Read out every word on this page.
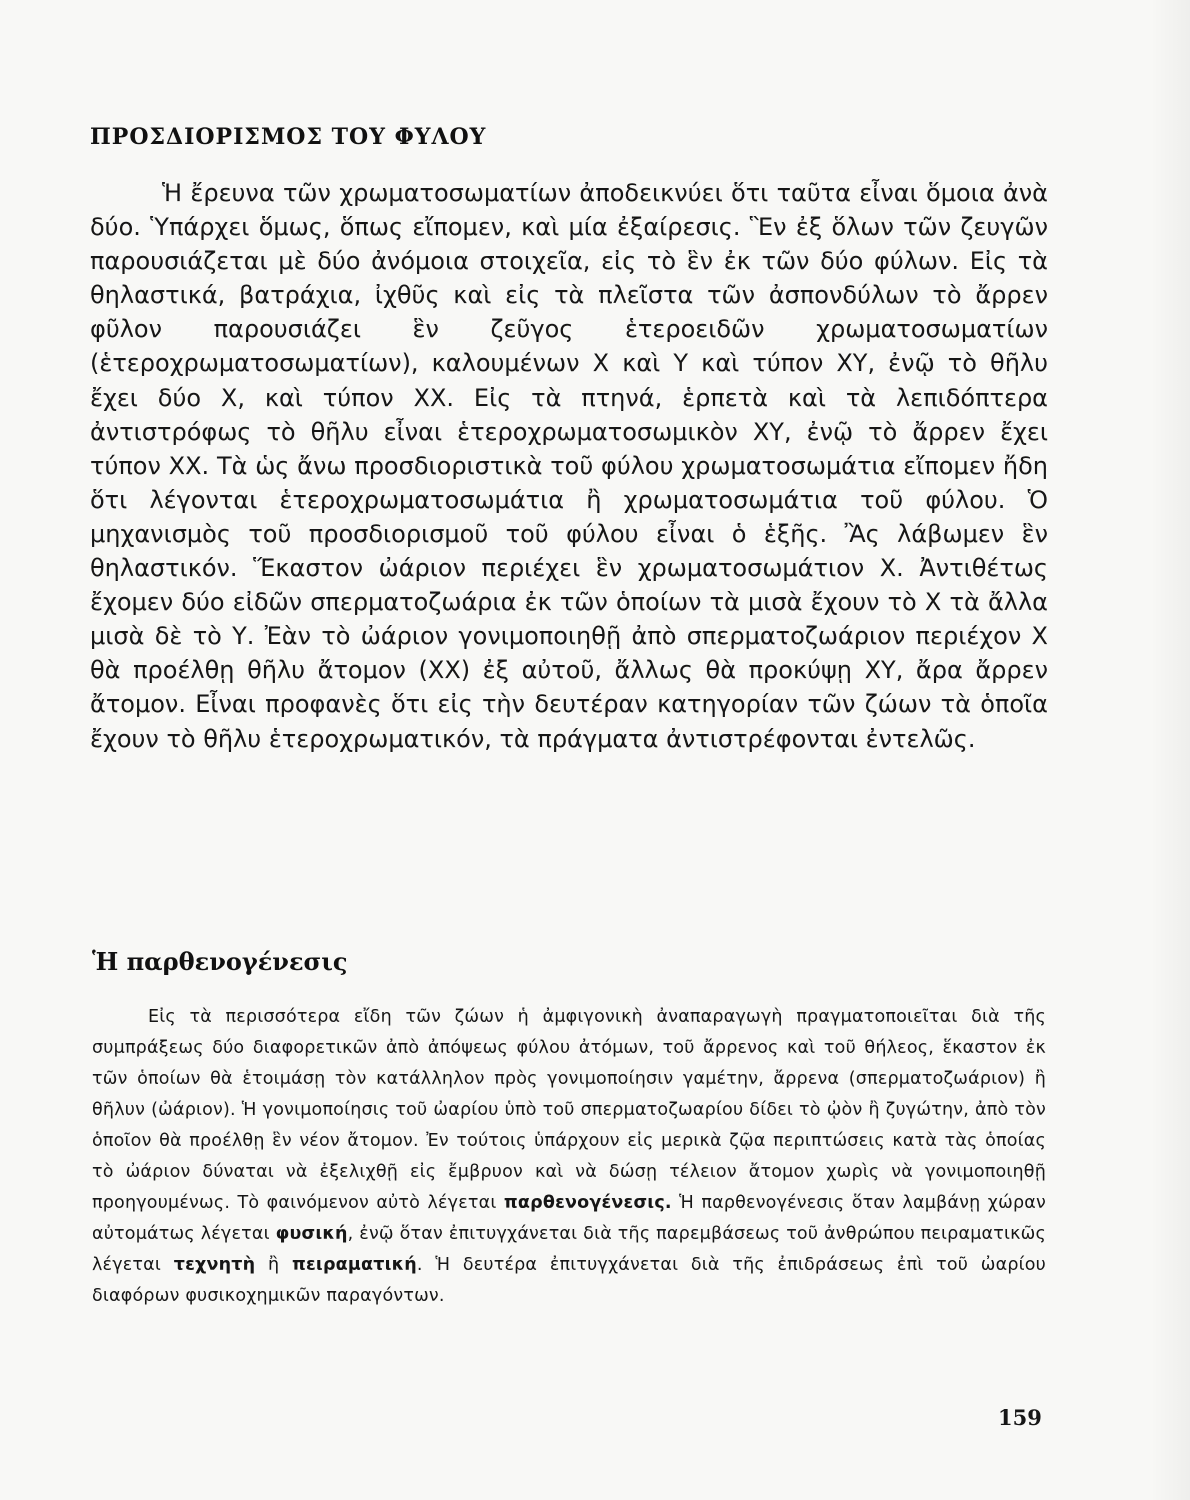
ΠΡΟΣΔΙΟΡΙΣΜΟΣ ΤΟΥ ΦΥΛΟΥ

Ἡ ἔρευνα τῶν χρωματοσωματίων ἀποδεικνύει ὅτι ταῦτα εἶναι ὅμοια ἀνὰ δύο. Ὑπάρχει ὅμως, ὅπως εἴπομεν, καὶ μία ἐξαίρεσις. Ἓν ἐξ ὅλων τῶν ζευγῶν παρουσιάζεται μὲ δύο ἀνόμοια στοιχεῖα, εἰς τὸ ἓν ἐκ τῶν δύο φύλων. Εἰς τὰ θηλαστικά, βατράχια, ἰχθῦς καὶ εἰς τὰ πλεῖστα τῶν ἀσπονδύλων τὸ ἄρρεν φῦλον παρουσιάζει ἓν ζεῦγος ἑτεροειδῶν χρωματοσωματίων (ἑτεροχρωματοσωματίων), καλουμένων Χ καὶ Υ καὶ τύπον ΧΥ, ἐνῷ τὸ θῆλυ ἔχει δύο Χ, καὶ τύπον ΧΧ. Εἰς τὰ πτηνά, ἑρπετὰ καὶ τὰ λεπιδόπτερα ἀντιστρόφως τὸ θῆλυ εἶναι ἑτεροχρωματοσωμικὸν ΧΥ, ἐνῷ τὸ ἄρρεν ἔχει τύπον ΧΧ. Τὰ ὡς ἄνω προσδιοριστικὰ τοῦ φύλου χρωματοσωμάτια εἴπομεν ἤδη ὅτι λέγονται ἑτεροχρωματοσωμάτια ἢ χρωματοσωμάτια τοῦ φύλου. Ὁ μηχανισμὸς τοῦ προσδιορισμοῦ τοῦ φύλου εἶναι ὁ ἑξῆς. Ἂς λάβωμεν ἓν θηλαστικόν. Ἕκαστον ὠάριον περιέχει ἓν χρωματοσωμάτιον Χ. Ἀντιθέτως ἔχομεν δύο εἰδῶν σπερματοζωάρια ἐκ τῶν ὁποίων τὰ μισὰ ἔχουν τὸ Χ τὰ ἄλλα μισὰ δὲ τὸ Υ. Ἐὰν τὸ ὠάριον γονιμοποιηθῇ ἀπὸ σπερματοζωάριον περιέχον Χ θὰ προέλθῃ θῆλυ ἄτομον (ΧΧ) ἐξ αὐτοῦ, ἄλλως θὰ προκύψῃ ΧΥ, ἄρα ἄρρεν ἄτομον. Εἶναι προφανὲς ὅτι εἰς τὴν δευτέραν κατηγορίαν τῶν ζώων τὰ ὁποῖα ἔχουν τὸ θῆλυ ἑτεροχρωματικόν, τὰ πράγματα ἀντιστρέφονται ἐντελῶς.

Ἡ παρθενογένεσις

Εἰς τὰ περισσότερα εἴδη τῶν ζώων ἡ ἀμφιγονικὴ ἀναπαραγωγὴ πραγματοποιεῖται διὰ τῆς συμπράξεως δύο διαφορετικῶν ἀπὸ ἀπόψεως φύλου ἀτόμων, τοῦ ἄρρενος καὶ τοῦ θήλεος, ἕκαστον ἐκ τῶν ὁποίων θὰ ἑτοιμάσῃ τὸν κατάλληλον πρὸς γονιμοποίησιν γαμέτην, ἄρρενα (σπερματοζωάριον) ἢ θῆλυν (ὠάριον). Ἡ γονιμοποίησις τοῦ ὠαρίου ὑπὸ τοῦ σπερματοζωαρίου δίδει τὸ ᾠὸν ἢ ζυγώτην, ἀπὸ τὸν ὁποῖον θὰ προέλθῃ ἓν νέον ἄτομον. Ἐν τούτοις ὑπάρχουν εἰς μερικὰ ζῷα περιπτώσεις κατὰ τὰς ὁποίας τὸ ὠάριον δύναται νὰ ἐξελιχθῇ εἰς ἔμβρυον καὶ νὰ δώσῃ τέλειον ἄτομον χωρὶς νὰ γονιμοποιηθῇ προηγουμένως. Τὸ φαινόμενον αὐτὸ λέγεται παρθενογένεσις. Ἡ παρθενογένεσις ὅταν λαμβάνῃ χώραν αὐτομάτως λέγεται φυσική, ἐνῷ ὅταν ἐπιτυγχάνεται διὰ τῆς παρεμβάσεως τοῦ ἀνθρώπου πειραματικῶς λέγεται τεχνητὴ ἢ πειραματική. Ἡ δευτέρα ἐπιτυγχάνεται διὰ τῆς ἐπιδράσεως ἐπὶ τοῦ ὠαρίου διαφόρων φυσικοχημικῶν παραγόντων.

159
